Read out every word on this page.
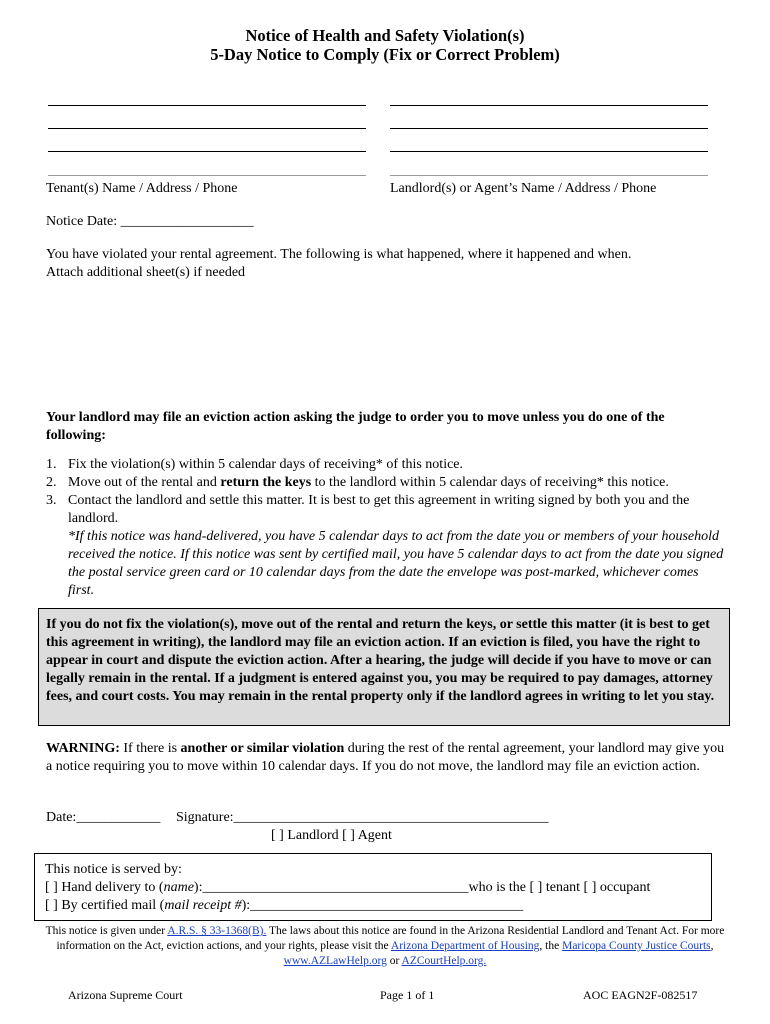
Notice of Health and Safety Violation(s)
5-Day Notice to Comply (Fix or Correct Problem)
Tenant(s) Name / Address / Phone	Landlord(s) or Agent’s Name / Address / Phone
Notice Date: ___________________
You have violated your rental agreement. The following is what happened, where it happened and when.
Attach additional sheet(s) if needed
Your landlord may file an eviction action asking the judge to order you to move unless you do one of the following:
1. Fix the violation(s) within 5 calendar days of receiving* of this notice.
2. Move out of the rental and return the keys to the landlord within 5 calendar days of receiving* this notice.
3. Contact the landlord and settle this matter. It is best to get this agreement in writing signed by both you and the landlord.
*If this notice was hand-delivered, you have 5 calendar days to act from the date you or members of your household received the notice. If this notice was sent by certified mail, you have 5 calendar days to act from the date you signed the postal service green card or 10 calendar days from the date the envelope was post-marked, whichever comes first.
If you do not fix the violation(s), move out of the rental and return the keys, or settle this matter (it is best to get this agreement in writing), the landlord may file an eviction action. If an eviction is filed, you have the right to appear in court and dispute the eviction action. After a hearing, the judge will decide if you have to move or can legally remain in the rental. If a judgment is entered against you, you may be required to pay damages, attorney fees, and court costs. You may remain in the rental property only if the landlord agrees in writing to let you stay.
WARNING: If there is another or similar violation during the rest of the rental agreement, your landlord may give you a notice requiring you to move within 10 calendar days. If you do not move, the landlord may file an eviction action.
Date:____________ Signature:_____________________________________________
[ ] Landlord [ ] Agent
This notice is served by:
[ ] Hand delivery to (name):______________________________________who is the [ ] tenant [ ] occupant
[ ] By certified mail (mail receipt #):_______________________________________
This notice is given under A.R.S. § 33-1368(B). The laws about this notice are found in the Arizona Residential Landlord and Tenant Act. For more information on the Act, eviction actions, and your rights, please visit the Arizona Department of Housing, the Maricopa County Justice Courts, www.AZLawHelp.org or AZCourtHelp.org.
Arizona Supreme Court	Page 1 of 1	AOC EAGN2F-082517
